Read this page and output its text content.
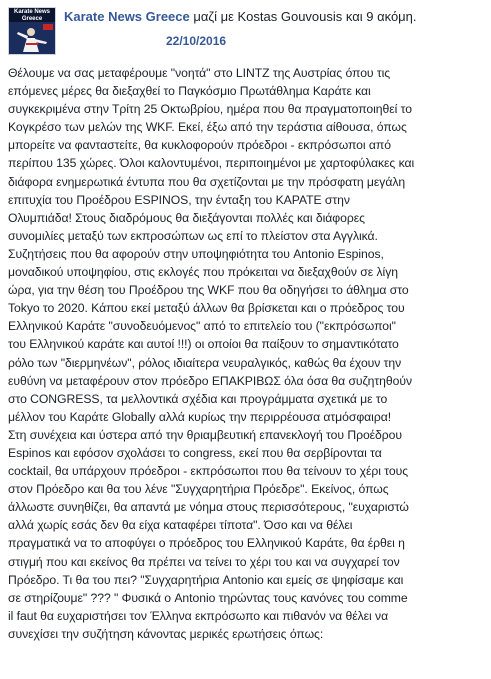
Karate News Greece	Karate News Greece μαζί με Kostas Gouvousis και 9 ακόμη.
22/10/2016
Θέλουμε να σας μεταφέρουμε "νοητά" στο LINTZ της Αυστρίας όπου τις
επόμενες μέρες θα διεξαχθεί το Παγκόσμιο Πρωτάθλημα Καράτε και
συγκεκριμένα στην Τρίτη 25 Οκτωβρίου, ημέρα που θα πραγματοποιηθεί το
Κογκρέσο των μελών της WKF. Εκεί, έξω από την τεράστια αίθουσα, όπως
μπορείτε να φανταστείτε, θα κυκλοφορούν πρόεδροι - εκπρόσωποι από
περίπου 135 χώρες. Όλοι καλοντυμένοι, περιποιημένοι με χαρτοφύλακες και
διάφορα ενημερωτικά έντυπα που θα σχετίζονται με την πρόσφατη μεγάλη
επιτυχία του Προέδρου ESPINOS, την ένταξη του ΚΑΡΑΤΕ στην
Ολυμπιάδα! Στους διαδρόμους θα διεξάγονται πολλές και διάφορες
συνομιλίες μεταξύ των εκπροσώπων ως επί το πλείστον στα Αγγλικά.
Συζητήσεις που θα αφορούν στην υποψηφιότητα του Antonio Espinos,
μοναδικού υποψηφίου, στις εκλογές που πρόκειται να διεξαχθούν σε λίγη
ώρα, για την θέση του Προέδρου της WKF που θα οδηγήσει το άθλημα στο
Tokyo το 2020. Κάπου εκεί μεταξύ άλλων θα βρίσκεται και ο πρόεδρος του
Ελληνικού Καράτε "συνοδευόμενος" από το επιτελείο του ("εκπρόσωποι"
του Ελληνικού καράτε και αυτοί !!!) οι οποίοι θα παίξουν το σημαντικότατο
ρόλο των "διερμηνέων", ρόλος ιδιαίτερα νευραλγικός, καθώς θα έχουν την
ευθύνη να μεταφέρουν στον πρόεδρο ΕΠΑΚΡΙΒΩΣ όλα όσα θα συζητηθούν
στο CONGRESS, τα μελλοντικά σχέδια και προγράμματα σχετικά με το
μέλλον του Καράτε Globally αλλά κυρίως την περιρρέουσα ατμόσφαιρα!
Στη συνέχεια και ύστερα από την θριαμβευτική επανεκλογή του Προέδρου
Espinos και εφόσον σχολάσει το congress, εκεί που θα σερβίρονται τα
cocktail, θα υπάρχουν πρόεδροι - εκπρόσωποι που θα τείνουν το χέρι τους
στον Πρόεδρο και θα του λένε "Συγχαρητήρια Πρόεδρε". Εκείνος, όπως
άλλωστε συνηθίζει, θα απαντά με νόημα στους περισσότερους, "ευχαριστώ
αλλά χωρίς εσάς δεν θα είχα καταφέρει τίποτα". Όσο και να θέλει
πραγματικά να το αποφύγει ο πρόεδρος του Ελληνικού Καράτε, θα έρθει η
στιγμή που και εκείνος θα πρέπει να τείνει το χέρι του και να συγχαρεί τον
Πρόεδρο. Τι θα του πει? "Συγχαρητήρια Antonio και εμείς σε ψηφίσαμε και
σε στηρίζουμε" ??? " Φυσικά ο Antonio τηρώντας τους κανόνες του comme
il faut θα ευχαριστήσει τον Έλληνα εκπρόσωπο και πιθανόν να θέλει να
συνεχίσει την συζήτηση κάνοντας μερικές ερωτήσεις όπως:
